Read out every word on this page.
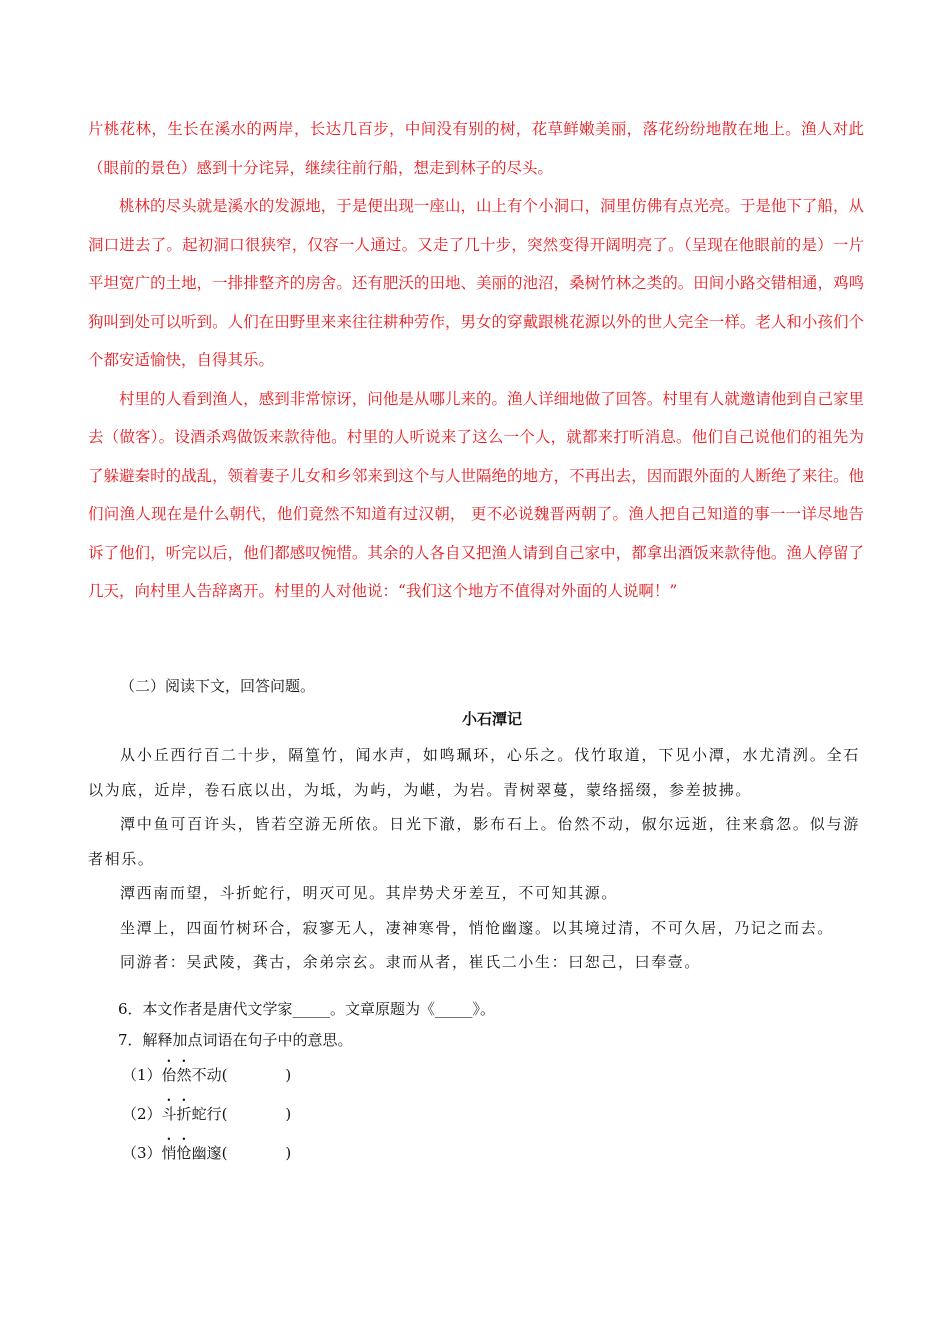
片桃花林，生长在溪水的两岸，长达几百步，中间没有别的树，花草鲜嫩美丽，落花纷纷地散在地上。渔人对此（眼前的景色）感到十分诧异，继续往前行船，想走到林子的尽头。

桃林的尽头就是溪水的发源地，于是便出现一座山，山上有个小洞口，洞里仿佛有点光亮。于是他下了船，从洞口进去了。起初洞口很狭窄，仅容一人通过。又走了几十步，突然变得开阔明亮了。（呈现在他眼前的是）一片平坦宽广的土地，一排排整齐的房舍。还有肥沃的田地、美丽的池沼，桑树竹林之类的。田间小路交错相通，鸡鸣狗叫到处可以听到。人们在田野里来来往往耕种劳作，男女的穿戴跟桃花源以外的世人完全一样。老人和小孩们个个都安适愉快，自得其乐。

村里的人看到渔人，感到非常惊讶，问他是从哪儿来的。渔人详细地做了回答。村里有人就邀请他到自己家里去（做客）。设酒杀鸡做饭来款待他。村里的人听说来了这么一个人，就都来打听消息。他们自己说他们的祖先为了躲避秦时的战乱，领着妻子儿女和乡邻来到这个与人世隔绝的地方，不再出去，因而跟外面的人断绝了来往。他们问渔人现在是什么朝代，他们竟然不知道有过汉朝， 更不必说魏晋两朝了。渔人把自己知道的事一一详尽地告诉了他们，听完以后，他们都感叹惋惜。其余的人各自又把渔人请到自己家中，都拿出酒饭来款待他。渔人停留了几天，向村里人告辞离开。村里的人对他说：“我们这个地方不值得对外面的人说啊！”

（二）阅读下文，回答问题。

小石潭记

从小丘西行百二十步，隔篁竹，闻水声，如鸣珮环，心乐之。伐竹取道，下见小潭，水尤清洌。全石以为底，近岸，卷石底以出，为坻，为屿，为嵁，为岩。青树翠蔓，蒙络摇缀，参差披拂。

潭中鱼可百许头，皆若空游无所依。日光下澈，影布石上。佁然不动，俶尔远逝，往来翕忽。似与游者相乐。

潭西南而望，斗折蛇行，明灭可见。其岸势犬牙差互，不可知其源。

坐潭上，四面竹树环合，寂寥无人，凄神寒骨，悄怆幽邃。以其境过清，不可久居，乃记之而去。

同游者：吴武陵，龚古，余弟宗玄。隶而从者，崔氏二小生：曰恕己，曰奉壹。

6．本文作者是唐代文学家_____。文章原题为《_____》。

7．解释加点词语在句子中的意思。

（1）佁然不动(	)

（2）斗折蛇行(	)

（3）悄怆幽邃(	)
